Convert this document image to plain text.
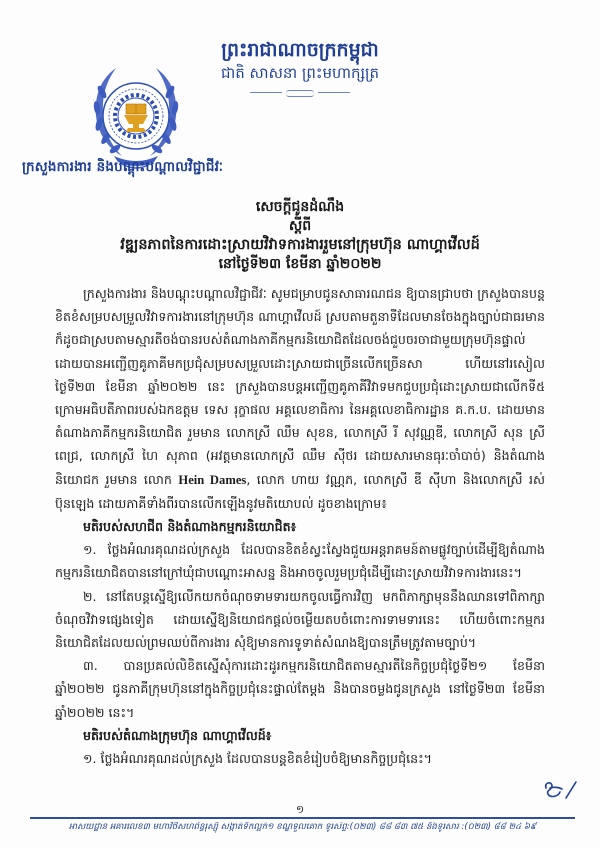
ព្រះរាជាណាចក្រកម្ពុជា
ជាតិ សាសនា ព្រះមហាក្សត្រ
ក្រសួងការងារ និងបណ្តុះបណ្តាលវិជ្ជាជីវៈ
សេចក្តីជូនដំណឹង
ស្តីពី
វឌ្ឍនភាពនៃការដោះស្រាយវិវាទការងាររួមនៅក្រុមហ៊ុន ណាហ្គាវើលដ៍
នៅថ្ងៃទី២៣ ខែមីនា ឆ្នាំ២០២២

ក្រសួងការងារ និងបណ្តុះបណ្តាលវិជ្ជាជីវៈ សូមជម្រាបជូនសាធារណជន ឱ្យបានជ្រាបថា ក្រសួងបានបន្តខិតខំសម្របសម្រួលវិវាទការងារនៅក្រុមហ៊ុន ណាហ្គាវើលដ៍ ស្របតាមតួនាទីដែលមានចែងក្នុងច្បាប់ជាធរមាន ក៏ដូចជាស្របតាមស្មារតីចង់បានរបស់តំណាងភាគីកម្មករនិយោជិតដែលចង់ជួបចរចាជាមួយក្រុមហ៊ុនផ្ទាល់ ដោយបានអញ្ជើញគូភាគីមកប្រជុំសម្របសម្រួលដោះស្រាយជាច្រើនលើកច្រើនសា ហើយនៅរសៀលថ្ងៃទី២៣ ខែមីនា ឆ្នាំ២០២២ នេះ ក្រសួងបានបន្តអញ្ជើញគូភាគីវិវាទមកជួបប្រជុំដោះស្រាយជាលើកទី៥ ក្រោមអធិបតីភាពរបស់ឯកឧត្តម ទេស រុក្ខាផល អគ្គលេខាធិការ នៃអគ្គលេខាធិការដ្ឋាន គ.ក.ប. ដោយមានតំណាងភាគីកម្មករនិយោជិត រួមមាន លោកស្រី ឈឹម សុខន, លោកស្រី រី សុវណ្ណឌី, លោកស្រី សុន ស្រីពេជ្រ, លោកស្រី ហៃ សុភាព (អវត្តមានលោកស្រី ឈឹម ស៊ីថរ ដោយសារមានធុរៈចាំបាច់) និងតំណាងនិយោជក រួមមាន លោក Hein Dames, លោក ហាយ វណ្ណភ, លោកស្រី ឌី ស៊ីហា និងលោកស្រី រស់ ប៊ុនឡេង ដោយភាគីទាំងពីរបានលើកឡើងនូវមតិយោបល់ ដូចខាងក្រោម៖

មតិរបស់សហជីព និងតំណាងកម្មករនិយោជិត៖

១. ថ្លែងអំណរគុណដល់ក្រសួង ដែលបានខិតខំស្វះស្វែងជួយអន្តរាគមន៍តាមផ្លូវច្បាប់ដើម្បីឱ្យតំណាងកម្មករនិយោជិតបាននៅក្រៅឃុំជាបណ្តោះអាសន្ន និងអាចចូលរួមប្រជុំដើម្បីដោះស្រាយវិវាទការងារនេះ។

២. នៅតែបន្តស្នើឱ្យលើកយកចំណុចទាមទារយកចូលធ្វើការវិញ មកពិភាក្សាមុននឹងឈានទៅពិភាក្សាចំណុចវិវាទផ្សេងទៀត ដោយស្នើឱ្យនិយោជកផ្តល់ចម្លើយតបចំពោះការទាមទារនេះ ហើយចំពោះកម្មករនិយោជិតដែលយល់ព្រមឈប់ពីការងារ សុំឱ្យមានការទូទាត់សំណងឱ្យបានត្រឹមត្រូវតាមច្បាប់។

៣. បានប្រគល់លិខិតស្នើសុំការដោះដូរកម្មករនិយោជិតតាមស្មារតីនៃកិច្ចប្រជុំថ្ងៃទី២១ ខែមីនា ឆ្នាំ២០២២ ជូនភាគីក្រុមហ៊ុននៅក្នុងកិច្ចប្រជុំនេះផ្ទាល់តែម្តង និងបានចម្លងជូនក្រសួង នៅថ្ងៃទី២៣ ខែមីនា ឆ្នាំ២០២២ នេះ។

មតិរបស់តំណាងក្រុមហ៊ុន ណាហ្គាវើលដ៍៖

១. ថ្លែងអំណរគុណដល់ក្រសួង ដែលបានបន្តខិតខំរៀបចំឱ្យមានកិច្ចប្រជុំនេះ។

១
អាសយដ្ឋាន អគារលេខ៣ មហាវិថីសហព័ន្ធរុស្ស៊ី សង្កាត់ទឹកល្អក់១ ខណ្ឌទួលគោក ទូរស័ព្ទ:(០២៣) ៨៨ ៨៣ ៧៥ និងទូរសារ :(០២៣) ៨៨ ២៤ ៦៩
